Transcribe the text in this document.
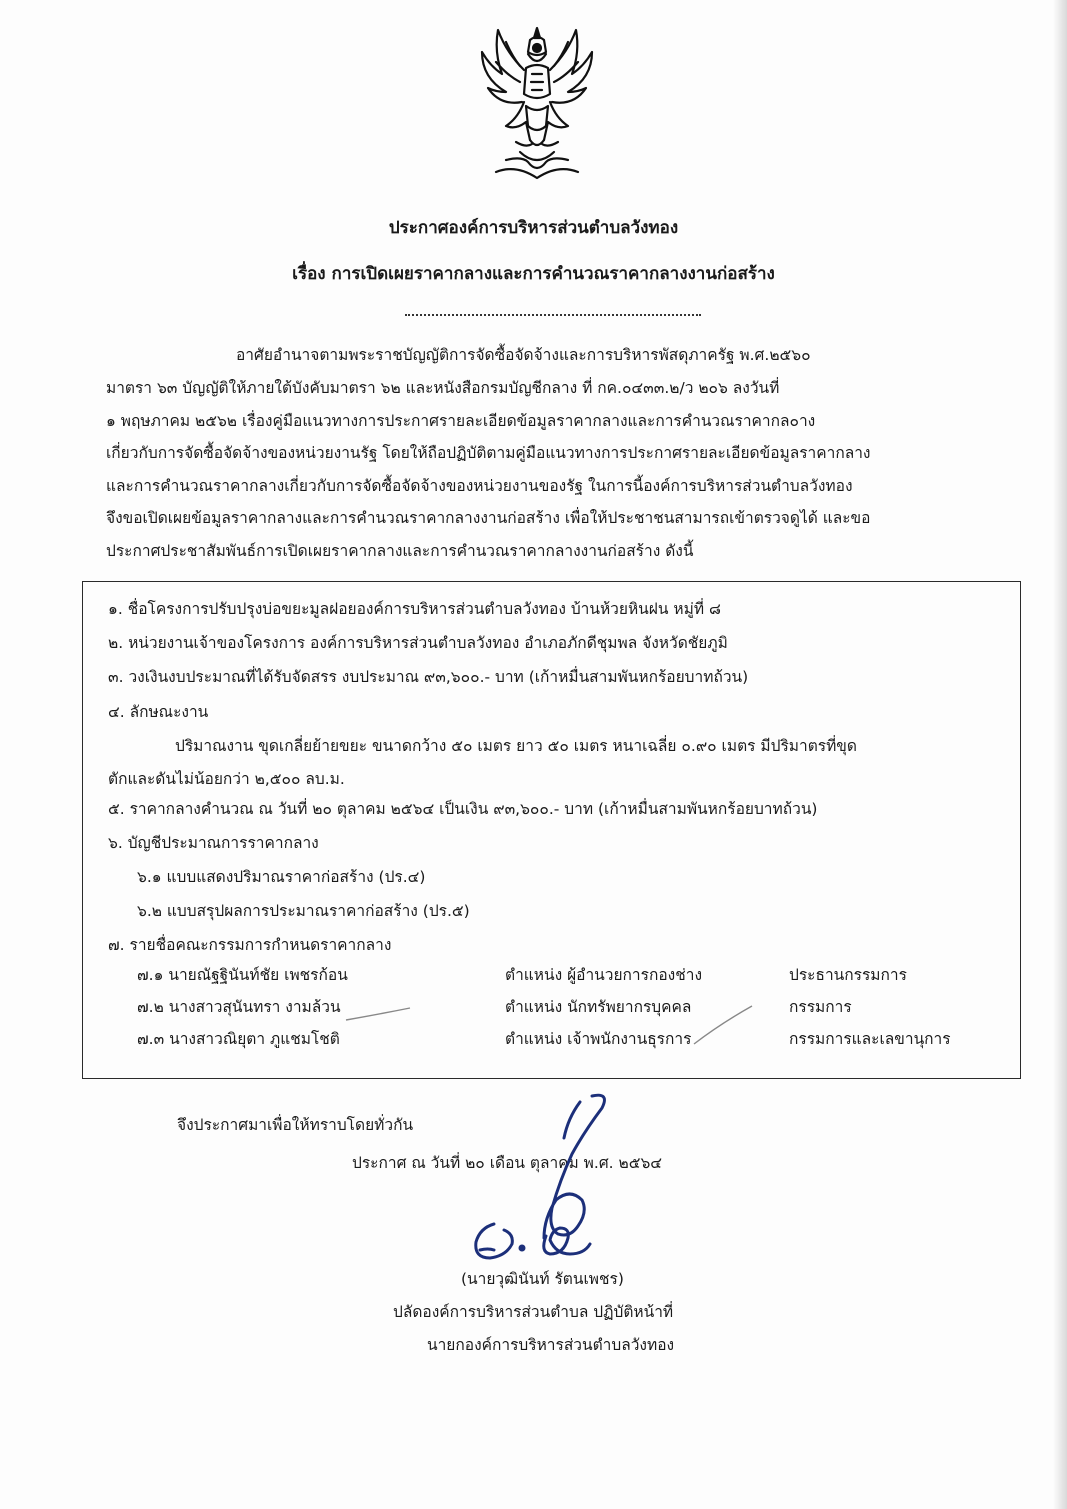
ประกาศองค์การบริหารส่วนตำบลวังทอง
เรื่อง การเปิดเผยราคากลางและการคำนวณราคากลางงานก่อสร้าง
อาศัยอำนาจตามพระราชบัญญัติการจัดซื้อจัดจ้างและการบริหารพัสดุภาครัฐ พ.ศ.๒๕๖๐
มาตรา ๖๓ บัญญัติให้ภายใต้บังคับมาตรา ๖๒ และหนังสือกรมบัญชีกลาง ที่ กค.๐๔๓๓.๒/ว ๒๐๖ ลงวันที่
๑ พฤษภาคม ๒๕๖๒ เรื่องคู่มือแนวทางการประกาศรายละเอียดข้อมูลราคากลางและการคำนวณราคากล๐าง
เกี่ยวกับการจัดซื้อจัดจ้างของหน่วยงานรัฐ โดยให้ถือปฏิบัติตามคู่มือแนวทางการประกาศรายละเอียดข้อมูลราคากลาง
และการคำนวณราคากลางเกี่ยวกับการจัดซื้อจัดจ้างของหน่วยงานของรัฐ ในการนี้องค์การบริหารส่วนตำบลวังทอง
จึงขอเปิดเผยข้อมูลราคากลางและการคำนวณราคากลางงานก่อสร้าง เพื่อให้ประชาชนสามารถเข้าตรวจดูได้ และขอ
ประกาศประชาสัมพันธ์การเปิดเผยราคากลางและการคำนวณราคากลางงานก่อสร้าง ดังนี้
๑. ชื่อโครงการปรับปรุงบ่อขยะมูลฝอยองค์การบริหารส่วนตำบลวังทอง บ้านห้วยหินฝน หมู่ที่ ๘
๒. หน่วยงานเจ้าของโครงการ องค์การบริหารส่วนตำบลวังทอง อำเภอภักดีชุมพล จังหวัดชัยภูมิ
๓. วงเงินงบประมาณที่ได้รับจัดสรร งบประมาณ ๙๓,๖๐๐.- บาท (เก้าหมื่นสามพันหกร้อยบาทถ้วน)
๔. ลักษณะงาน
ปริมาณงาน ขุดเกลี่ยย้ายขยะ ขนาดกว้าง ๕๐ เมตร ยาว ๕๐ เมตร หนาเฉลี่ย ๐.๙๐ เมตร มีปริมาตรที่ขุด
ตักและดันไม่น้อยกว่า ๒,๕๐๐ ลบ.ม.
๕. ราคากลางคำนวณ ณ วันที่ ๒๐ ตุลาคม ๒๕๖๔ เป็นเงิน ๙๓,๖๐๐.- บาท (เก้าหมื่นสามพันหกร้อยบาทถ้วน)
๖. บัญชีประมาณการราคากลาง
๖.๑ แบบแสดงปริมาณราคาก่อสร้าง (ปร.๔)
๖.๒ แบบสรุปผลการประมาณราคาก่อสร้าง (ปร.๕)
๗. รายชื่อคณะกรรมการกำหนดราคากลาง
๗.๑ นายณัฐฐินันท์ชัย เพชรก้อน	ตำแหน่ง ผู้อำนวยการกองช่าง	ประธานกรรมการ
๗.๒ นางสาวสุนันทรา งามล้วน	ตำแหน่ง นักทรัพยากรบุคคล	กรรมการ
๗.๓ นางสาวณิยุตา ภูแชมโชติ	ตำแหน่ง เจ้าพนักงานธุรการ	กรรมการและเลขานุการ
จึงประกาศมาเพื่อให้ทราบโดยทั่วกัน
ประกาศ ณ วันที่ ๒๐ เดือน ตุลาคม พ.ศ. ๒๕๖๔
(นายวุฒินันท์ รัตนเพชร)
ปลัดองค์การบริหารส่วนตำบล ปฏิบัติหน้าที่
นายกองค์การบริหารส่วนตำบลวังทอง
